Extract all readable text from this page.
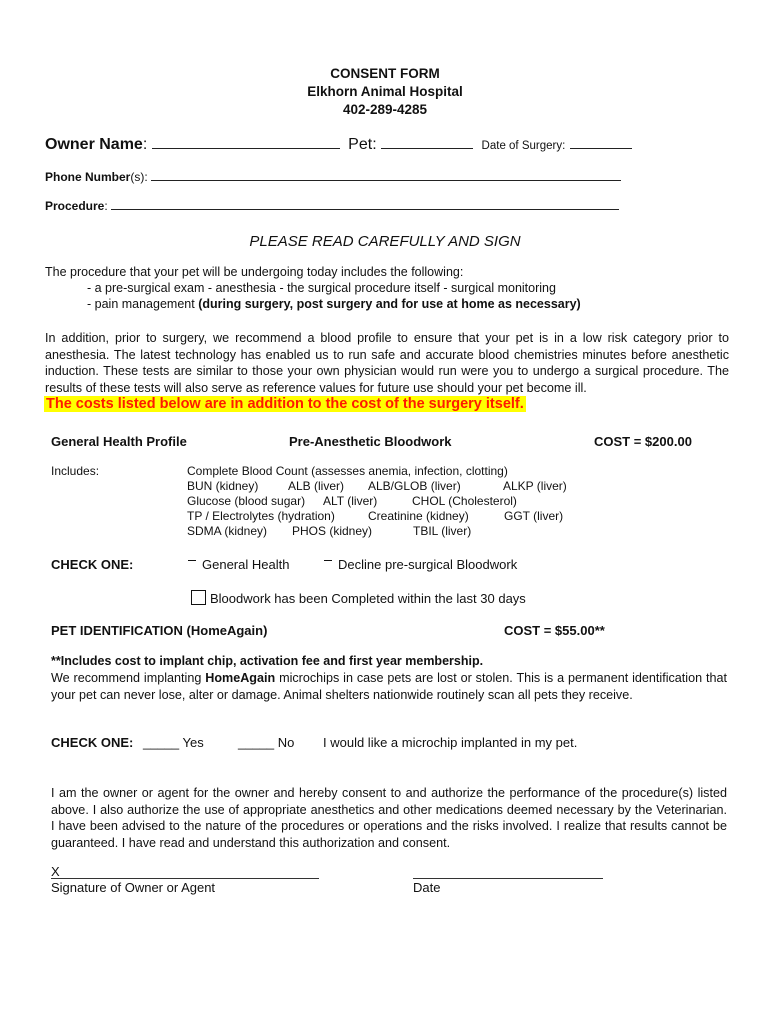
CONSENT FORM
Elkhorn Animal Hospital
402-289-4285
Owner Name:	Pet:	Date of Surgery:
Phone Number(s):
Procedure:
PLEASE READ CAREFULLY AND SIGN
The procedure that your pet will be undergoing today includes the following:
- a pre-surgical exam - anesthesia - the surgical procedure itself - surgical monitoring
- pain management (during surgery, post surgery and for use at home as necessary)
In addition, prior to surgery, we recommend a blood profile to ensure that your pet is in a low risk category prior to anesthesia. The latest technology has enabled us to run safe and accurate blood chemistries minutes before anesthetic induction. These tests are similar to those your own physician would run were you to undergo a surgical procedure. The results of these tests will also serve as reference values for future use should your pet become ill.
The costs listed below are in addition to the cost of the surgery itself.
General Health Profile	Pre-Anesthetic Bloodwork	COST = $200.00
Includes:	Complete Blood Count (assesses anemia, infection, clotting)
BUN (kidney) ALB (liver) ALB/GLOB (liver)	ALKP (liver)
Glucose (blood sugar) ALT (liver)	CHOL (Cholesterol)
TP / Electrolytes (hydration)	Creatinine (kidney)	GGT (liver)
SDMA (kidney) PHOS (kidney)	TBIL (liver)
CHECK ONE:	General Health	Decline pre-surgical Bloodwork
Bloodwork has been Completed within the last 30 days
PET IDENTIFICATION (HomeAgain)	COST = $55.00**
**Includes cost to implant chip, activation fee and first year membership.
We recommend implanting HomeAgain microchips in case pets are lost or stolen. This is a permanent identification that your pet can never lose, alter or damage. Animal shelters nationwide routinely scan all pets they receive.
CHECK ONE: _____ Yes	_____ No I would like a microchip implanted in my pet.
I am the owner or agent for the owner and hereby consent to and authorize the performance of the procedure(s) listed above. I also authorize the use of appropriate anesthetics and other medications deemed necessary by the Veterinarian. I have been advised to the nature of the procedures or operations and the risks involved. I realize that results cannot be guaranteed. I have read and understand this authorization and consent.
X
Signature of Owner or Agent	Date
